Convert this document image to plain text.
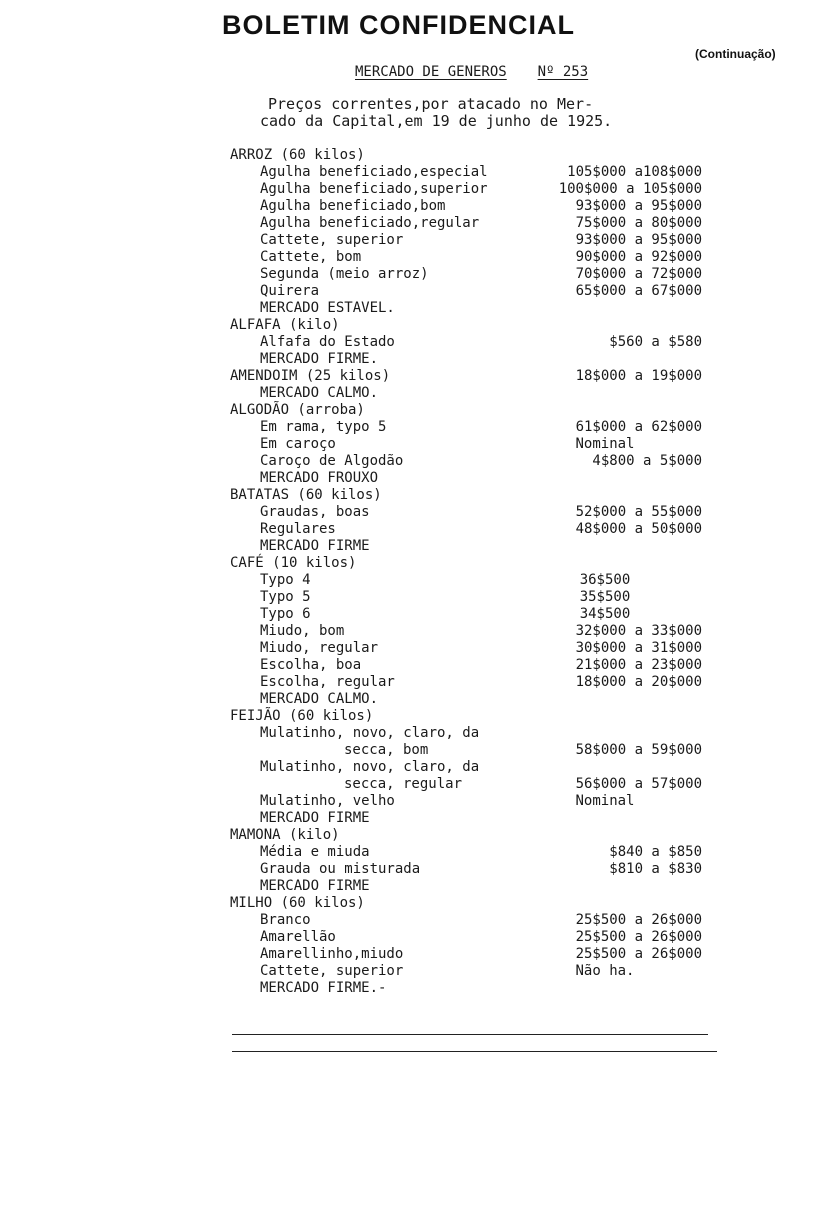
BOLETIM CONFIDENCIAL
(Continuação)
MERCADO DE GENEROS Nº 253
Preços correntes,por atacado no Mer-
cado da Capital,em 19 de junho de 1925.
ARROZ (60 kilos)
Agulha beneficiado,especial	105$000 a108$000
Agulha beneficiado,superior	100$000 a 105$000
Agulha beneficiado,bom	93$000 a 95$000
Agulha beneficiado,regular	75$000 a 80$000
Cattete, superior	93$000 a 95$000
Cattete, bom	90$000 a 92$000
Segunda (meio arroz)	70$000 a 72$000
Quirera	65$000 a 67$000
MERCADO ESTAVEL.
ALFAFA (kilo)
Alfafa do Estado	$560 a $580
MERCADO FIRME.
AMENDOIM (25 kilos)	18$000 a 19$000
MERCADO CALMO.
ALGODÃO (arroba)
Em rama, typo 5	61$000 a 62$000
Em caroço	Nominal
Caroço de Algodão	4$800 a 5$000
MERCADO FROUXO
BATATAS (60 kilos)
Graudas, boas	52$000 a 55$000
Regulares	48$000 a 50$000
MERCADO FIRME
CAFÉ (10 kilos)
Typo 4	36$500
Typo 5	35$500
Typo 6	34$500
Miudo, bom	32$000 a 33$000
Miudo, regular	30$000 a 31$000
Escolha, boa	21$000 a 23$000
Escolha, regular	18$000 a 20$000
MERCADO CALMO.
FEIJÃO (60 kilos)
Mulatinho, novo, claro, da
secca, bom	58$000 a 59$000
Mulatinho, novo, claro, da
secca, regular	56$000 a 57$000
Mulatinho, velho	Nominal
MERCADO FIRME
MAMONA (kilo)
Média e miuda	$840 a $850
Grauda ou misturada	$810 a $830
MERCADO FIRME
MILHO (60 kilos)
Branco	25$500 a 26$000
Amarellão	25$500 a 26$000
Amarellinho,miudo	25$500 a 26$000
Cattete, superior	Não ha.
MERCADO FIRME.-
